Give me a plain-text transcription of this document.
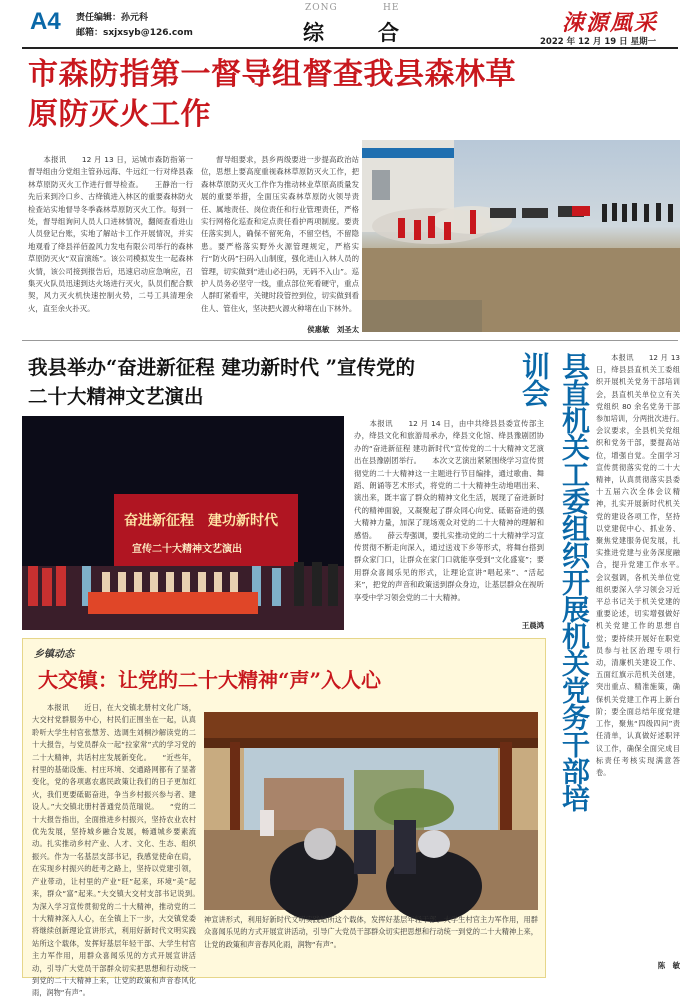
A4 责任编辑：孙元科
邮箱：sxjxsyb@126.com
ZONG	HE
综	合	涑源風采
2022 年 12 月 19 日 星期一
市森防指第一督导组督查我县森林草
原防灭火工作
　　本报讯　　12 月 13 日，运城市森防指第一督导组由分党组主管孙远海、牛远红一行对绛县森林草原防灭火工作进行督导检查。　　王静治一行先后来到冷口乡、古绛镇进入林区的重要森林防火检查站实地督导冬季森林草原防灭火工作。每到一处，督导组询问人员人口进林情况，翻阅查看进山人员登记台账，实地了解站卡工作开展情况，并实地观看了绛县祥佰盈风力发电有限公司举行的森林草原防灭火“双盲演练”。该公司模拟发生一起森林火情，该公司接到报告后，迅速启动应急响应，召集灭火队员迅速到达火场进行灭火，队员们配合默契，风力灭火机快速控制火势，二号工具清理余火，直至余火扑灭。
　　督导组要求，县乡两级要进一步提高政治站位，思想上要高度重视森林草原防灭火工作，把森林草原防灭火工作作为推动林业草原高质量发展的重要举措，全面压实森林草原防火领导责任、属地责任、岗位责任和行业管理责任，严格实行网格化巡查和定点责任看护两项制度。要责任落实到人，确保不留死角，不留空档，不留隐患。要严格落实野外火源管理规定，严格实行“防火码”扫码入山制度，强化进山入林人员的管理，切实做到“进山必扫码，无码不入山”。巡护人员务必坚守一线，重点部位死看硬守，重点人群盯紧看牢，关键时段管控到位，切实做到看住人、管住火，坚决把火源火种堵在山下林外。
侯惠敏　刘圣太
我县举办“奋进新征程 建功新时代 ”宣传党的
二十大精神文艺演出
奋进新征程　建功新时代
宣传二十大精神文艺演出
　　本报讯　　12 月 14 日，由中共绛县县委宣传部主办，绛县文化和旅游局承办，绛县文化馆、绛县豫剧团协办的“奋进新征程 建功新时代”宣传党的二十大精神文艺演出在县豫剧团举行。　　本次文艺演出紧紧围绕学习宣传贯彻党的二十大精神这一主题进行节目编排，通过歌曲、舞蹈、朗诵等艺术形式，将党的二十大精神生动地唱出来、演出来，既丰富了群众的精神文化生活，展现了奋进新时代的精神面貌，又凝聚起了群众同心向党、砥砺奋进的强大精神力量，加深了现场观众对党的二十大精神的理解和感悟。　　薛云寿强调，要扎实推动党的二十大精神学习宣传贯彻不断走向深入，通过送戏下乡等形式，将舞台搭到群众家门口，让群众在家门口就能享受到“文化盛宴”；要用群众喜闻乐见的形式，让理论宣讲“唱起来”、“活起来”，把党的声音和政策送到群众身边，让基层群众在视听享受中学习领会党的二十大精神。
王晨鸿
乡镇动态
大交镇：让党的二十大精神“声”入人心
　　本报讯　　近日，在大交镇北册村文化广场，大交村党群服务中心，村民们正围坐在一起，认真聆听大学生村官张慧芳、选调生刘桐沙解读党的二十大报告，与党员群众一起“拉家常”式的学习党的二十大精神，共话村庄发展新变化。　　“近些年，村里的基础设施、村庄环境、交通路网都有了显著变化，党的各项惠农惠民政策让我们的日子更加红火，我们更要砥砺奋进，争当乡村振兴参与者、建设人。”大交镇北册村普通党员范瑞说。　　“党的二十大报告指出，全面推进乡村振兴，坚持农业农村优先发展，坚持城乡融合发展，畅通城乡要素流动。扎实推动乡村产业、人才、文化、生态、组织振兴。作为一名基层支部书记，我感觉使命在肩，在实现乡村振兴的赶考之路上，坚持以党建引领，产业带动，让村里的产业“旺”起来，环境“美”起来，群众“富”起来。”大交镇大交村支部书记说到。　　为深入学习宣传贯彻党的二十大精神，推动党的二十大精神深入人心，在全镇上下一步，大交镇党委将继续创新理论宣讲形式，利用好新时代文明实践站所这个载体，发挥好基层年轻干部、大学生村官主力军作用，用群众喜闻乐见的方式开展宣讲活动，引导广大党员干部群众切实把思想和行动统一到党的二十大精神上来，让党的政策和声音春风化雨，润物“有声”。
神宣讲形式，利用好新时代文明实践站所这个载体，发挥好基层年轻干部、大学生村官主力军作用，用群众喜闻乐见的方式开展宣讲活动，引导广大党员干部群众切实把思想和行动统一到党的二十大精神上来，让党的政策和声音春风化雨，润物“有声”。
县直机关工委组织开展机关党务干部培训会	　　本报讯　　12 月 13 日，绛县县直机关工委组织开展机关党务干部培训会，县直机关单位立有关党组织 80 余名党务干部参加培训，分两批次进行。　　会议要求，全县机关党组织和党务干部，要提高站位，增强自觉。全面学习宣传贯彻落实党的二十大精神，认真贯彻落实县委十五届六次全体会议精神，扎实开展新时代机关党的建设各项工作，坚持以党建促中心、抓业务、聚焦党建服务促发展，扎实推进党建与业务深度融合，提升党建工作水平。　　会议强调，各机关单位党组织要深入学习领会习近平总书记关于机关党建的重要论述，切实增强做好机关党建工作的思想自觉；要持续开展好在职党员参与社区治理专项行动，清廉机关建设工作、五面红旗示范机关创建，突出重点、精准施策，确保机关党建工作再上新台阶；要全面总结年度党建工作，聚焦“四级四问”责任清单，认真做好述职评议工作，确保全面完成目标责任考核实现满意答卷。
陈　敏
